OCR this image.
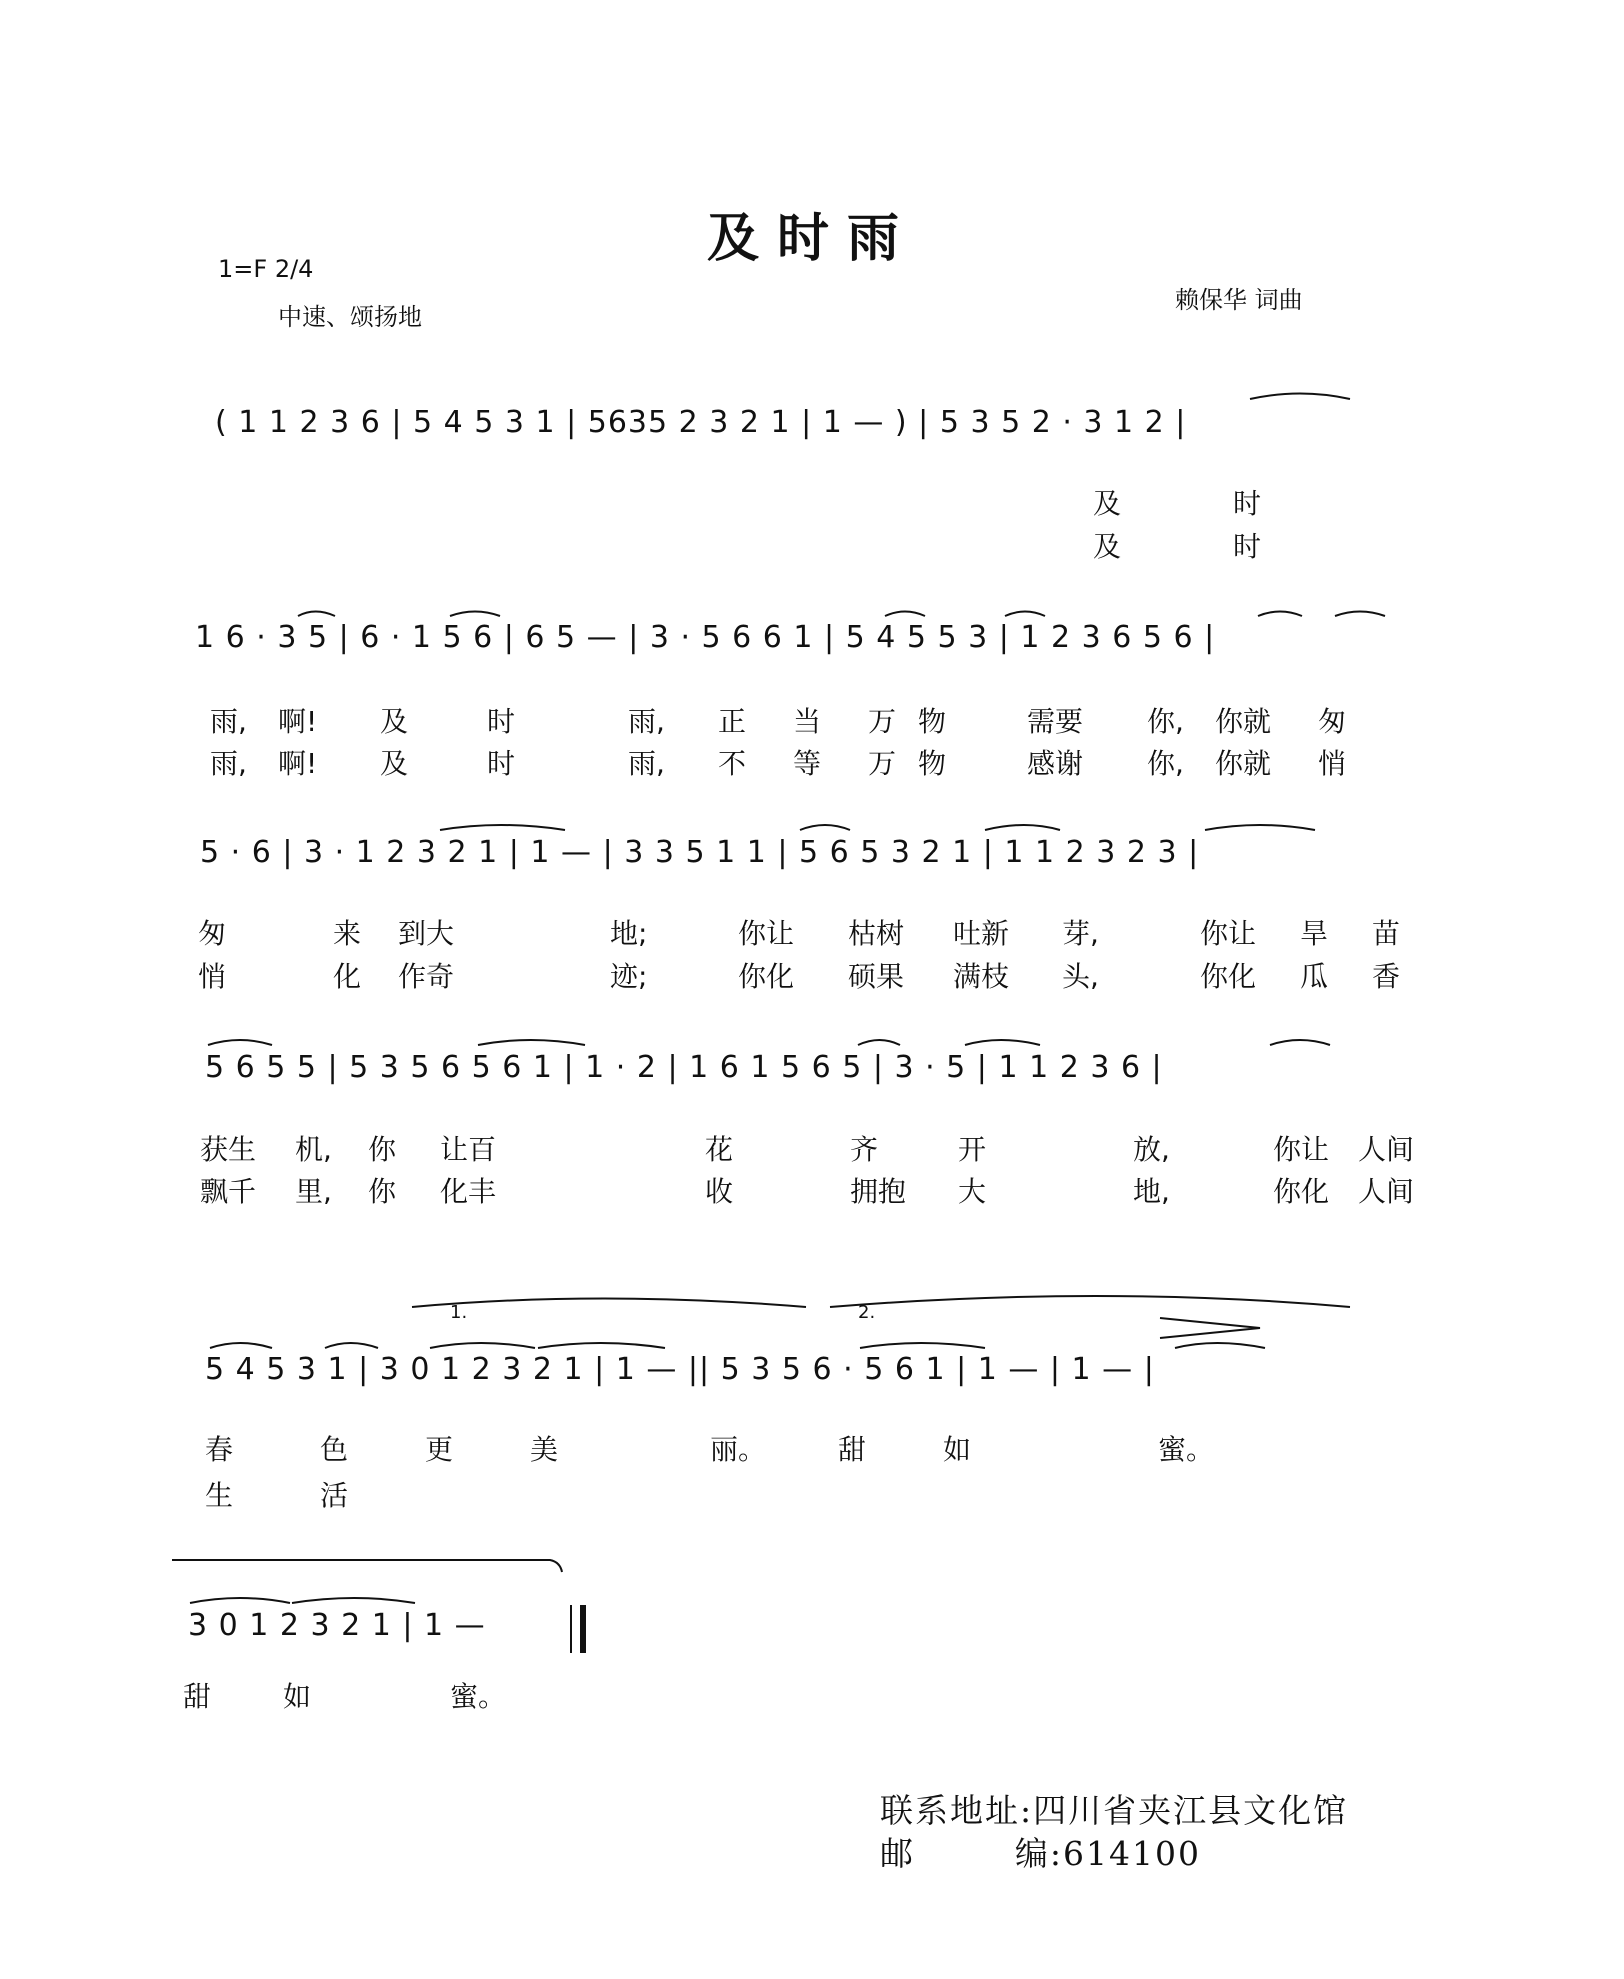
及时雨
1=F 2/4
中速、颂扬地
赖保华 词曲
( 1 1 2 3 6 | 5 4 5 3 1 | 5635 2 3 2 1 | 1 — ) | 5 3 5 2 · 3 1 2 |
及	时
及	时
1 6 · 3 5 | 6 · 1 5 6 | 6 5 — | 3 · 5 6 6 1 | 5 4 5 5 3 | 1 2 3 6 5 6 |
雨, 啊! 及	时	雨, 正 当 万 物	需要 你, 你就 匆
雨, 啊! 及	时	雨, 不 等 万 物	感谢 你, 你就 悄
5 · 6 | 3 · 1 2 3 2 1 | 1 — | 3 3 5 1 1 | 5 6 5 3 2 1 | 1 1 2 3 2 3 |
匆	来 到大	地;	你让 枯树 吐新 芽,	你让 旱 苗
悄	化 作奇	迹;	你化 硕果 满枝 头,	你化 瓜 香
5 6 5 5 | 5 3 5 6 5 6 1 | 1 · 2 | 1 6 1 5 6 5 | 3 · 5 | 1 1 2 3 6 |
获生 机, 你 让百	花	齐	开	放,	你让 人间
飘千 里, 你 化丰	收	拥抱 大	地,	你化 人间
1.	2.
5 4 5 3 1 | 3 0 1 2 3 2 1 | 1 — || 5 3 5 6 · 5 6 1 | 1 — | 1 — |
春	色	更	美	丽。	甜	如	蜜。
生	活
3 0 1 2 3 2 1 | 1 —
甜	如	蜜。
联系地址:四川省夹江县文化馆
邮        编:614100
